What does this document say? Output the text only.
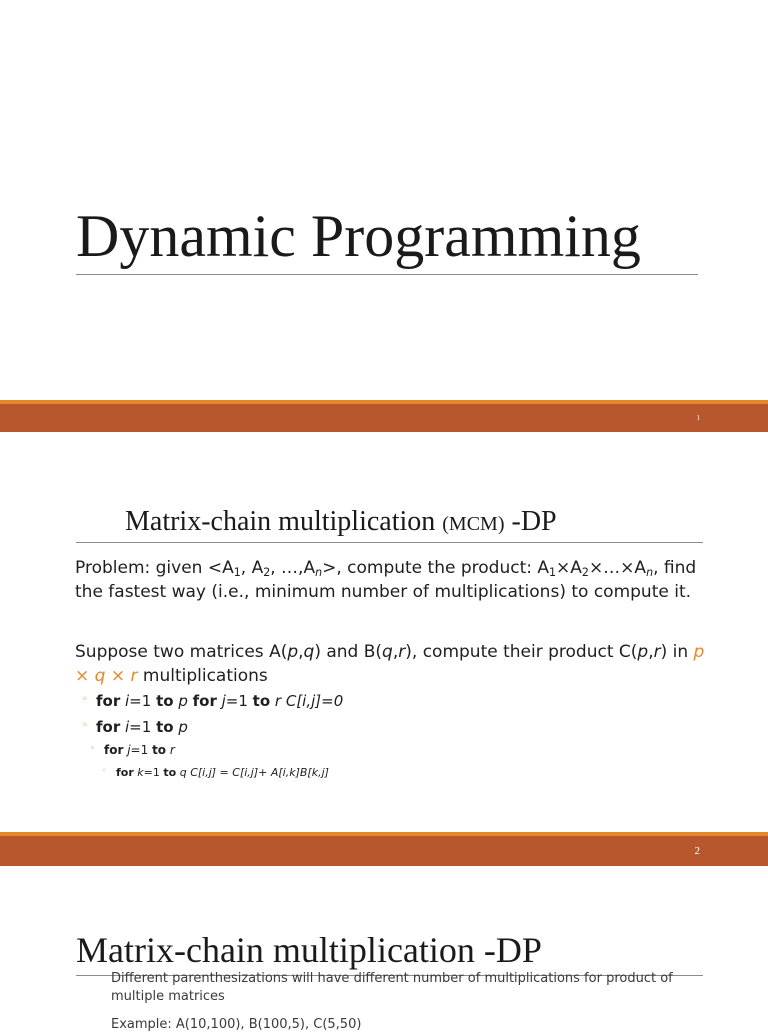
Dynamic Programming
1
Matrix-chain multiplication (MCM) -DP
Problem: given $<A_1$, $A_2$, $\dots,A_n>$, compute the product: $A_1\times A_2\times\dots\times A_n$, find the fastest way (i.e., minimum number of multiplications) to compute it.
Suppose two matrices A(p,q) and B(q,r), compute their product C(p,r) in p × q × r multiplications
◦ for i=1 to p for j=1 to r C[i,j]=0
◦ for i=1 to p
◦ for j=1 to r
◦ for k=1 to q C[i,j] = C[i,j]+ A[i,k]B[k,j]
2
Matrix-chain multiplication -DP
Different parenthesizations will have different number of multiplications for product of
multiple matrices
Example: A(10,100), B(100,5), C(5,50)
